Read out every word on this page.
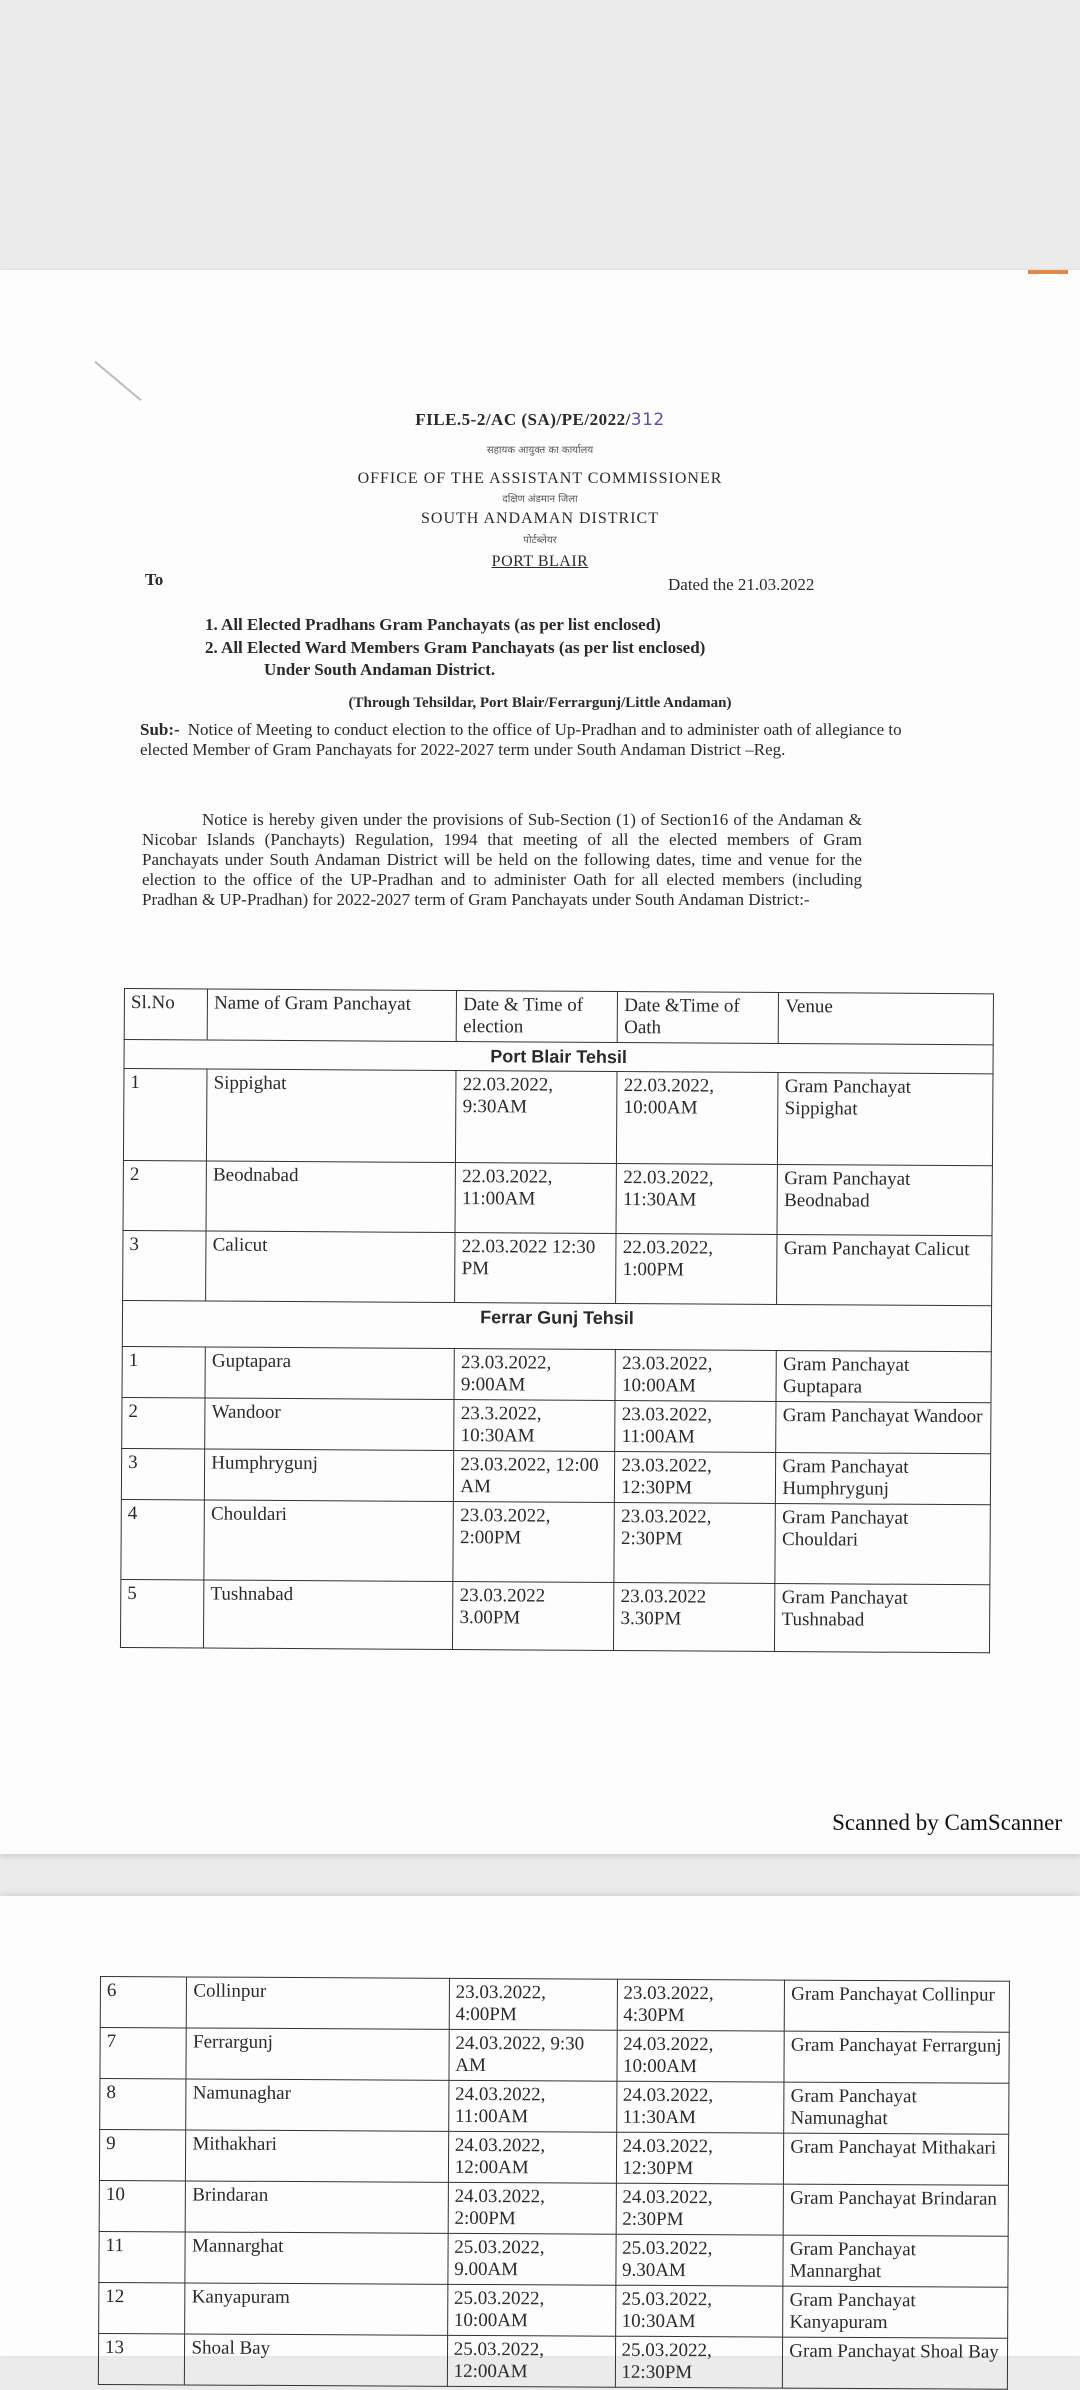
FILE.5-2/AC (SA)/PE/2022/312
सहायक आयुक्त का कार्यालय
OFFICE OF THE ASSISTANT COMMISSIONER
दक्षिण अंडमान जिला
SOUTH ANDAMAN DISTRICT
पोर्टब्लेयर
PORT BLAIR
To	Dated the 21.03.2022
1. All Elected Pradhans Gram Panchayats (as per list enclosed)
2. All Elected Ward Members Gram Panchayats (as per list enclosed)
Under South Andaman District.
(Through Tehsildar, Port Blair/Ferrargunj/Little Andaman)
Sub:- Notice of Meeting to conduct election to the office of Up-Pradhan and to administer oath of allegiance to elected Member of Gram Panchayats for 2022-2027 term under South Andaman District –Reg.
Notice is hereby given under the provisions of Sub-Section (1) of Section16 of the Andaman & Nicobar Islands (Panchayts) Regulation, 1994 that meeting of all the elected members of Gram Panchayats under South Andaman District will be held on the following dates, time and venue for the election to the office of the UP-Pradhan and to administer Oath for all elected members (including Pradhan & UP-Pradhan) for 2022-2027 term of Gram Panchayats under South Andaman District:-
Sl.No	Name of Gram Panchayat	Date & Time of election	Date &Time of Oath	Venue
Port Blair Tehsil				
1	Sippighat	22.03.2022, 9:30AM	22.03.2022, 10:00AM	Gram Panchayat Sippighat
2	Beodnabad	22.03.2022, 11:00AM	22.03.2022, 11:30AM	Gram Panchayat Beodnabad
3	Calicut	22.03.2022 12:30 PM	22.03.2022, 1:00PM	Gram Panchayat Calicut
Ferrar Gunj Tehsil				
1	Guptapara	23.03.2022, 9:00AM	23.03.2022, 10:00AM	Gram Panchayat Guptapara
2	Wandoor	23.3.2022, 10:30AM	23.03.2022, 11:00AM	Gram Panchayat Wandoor
3	Humphrygunj	23.03.2022, 12:00 AM	23.03.2022, 12:30PM	Gram Panchayat Humphrygunj
4	Chouldari	23.03.2022, 2:00PM	23.03.2022, 2:30PM	Gram Panchayat Chouldari
5	Tushnabad	23.03.2022 3.00PM	23.03.2022 3.30PM	Gram Panchayat Tushnabad
Scanned by CamScanner
6	Collinpur	23.03.2022, 4:00PM	23.03.2022, 4:30PM	Gram Panchayat Collinpur
7	Ferrargunj	24.03.2022, 9:30 AM	24.03.2022, 10:00AM	Gram Panchayat Ferrargunj
8	Namunaghar	24.03.2022, 11:00AM	24.03.2022, 11:30AM	Gram Panchayat Namunaghat
9	Mithakhari	24.03.2022, 12:00AM	24.03.2022, 12:30PM	Gram Panchayat Mithakari
10	Brindaran	24.03.2022, 2:00PM	24.03.2022, 2:30PM	Gram Panchayat Brindaran
11	Mannarghat	25.03.2022, 9.00AM	25.03.2022, 9.30AM	Gram Panchayat Mannarghat
12	Kanyapuram	25.03.2022, 10:00AM	25.03.2022, 10:30AM	Gram Panchayat Kanyapuram
13	Shoal Bay	25.03.2022, 12:00AM	25.03.2022, 12:30PM	Gram Panchayat Shoal Bay
